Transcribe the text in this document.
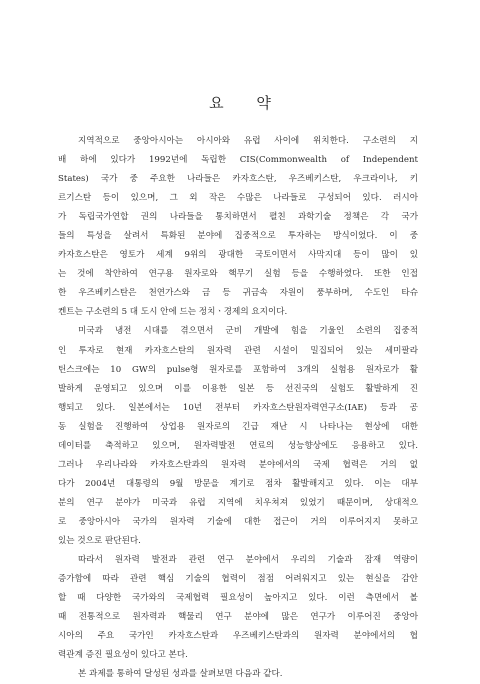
요 약
지역적으로 중앙아시아는 아시아와 유럽 사이에 위치한다. 구소련의 지
배 하에 있다가 1992년에 독립한 CIS(Commonwealth of Independent
States) 국가 중 주요한 나라들은 카자흐스탄, 우즈베키스탄, 우크라이나, 키
르기스탄 등이 있으며, 그 외 작은 수많은 나라들로 구성되어 있다. 러시아
가 독립국가연합 권의 나라들을 통치하면서 펼친 과학기술 정책은 각 국가
들의 특성을 살려서 특화된 분야에 집중적으로 투자하는 방식이었다. 이 중
카자흐스탄은 영토가 세계 9위의 광대한 국토이면서 사막지대 등이 많이 있
는 것에 착안하여 연구용 원자로와 핵무기 실험 등을 수행하였다. 또한 인접
한 우즈베키스탄은 천연가스와 금 등 귀금속 자원이 풍부하며, 수도인 타슈
켄트는 구소련의 5 대 도시 안에 드는 정치ㆍ경제의 요지이다.
미국과 냉전 시대를 겪으면서 군비 개발에 힘을 기울인 소련의 집중적
인 투자로 현재 카자흐스탄의 원자력 관련 시설이 밀집되어 있는 세미팔라
틴스크에는 10 GW의 pulse형 원자로를 포함하여 3개의 실험용 원자로가 활
발하게 운영되고 있으며 이를 이용한 일본 등 선진국의 실험도 활발하게 진
행되고 있다. 일본에서는 10년 전부터 카자흐스탄원자력연구소(IAE) 등과 공
동 실험을 진행하여 상업용 원자로의 긴급 재난 시 나타나는 현상에 대한
데이터를 축적하고 있으며, 원자력발전 연료의 성능향상에도 응용하고 있다.
그러나 우리나라와 카자흐스탄과의 원자력 분야에서의 국제 협력은 거의 없
다가 2004년 대통령의 9월 방문을 계기로 점차 활발해지고 있다. 이는 대부
분의 연구 분야가 미국과 유럽 지역에 치우쳐져 있었기 때문이며, 상대적으
로 중앙아시아 국가의 원자력 기술에 대한 접근이 거의 이루어지지 못하고
있는 것으로 판단된다.
따라서 원자력 발전과 관련 연구 분야에서 우리의 기술과 잠재 역량이
증가함에 따라 관련 핵심 기술의 협력이 점점 어려워지고 있는 현실을 감안
할 때 다양한 국가와의 국제협력 필요성이 높아지고 있다. 이런 측면에서 볼
때 전통적으로 원자력과 핵물리 연구 분야에 많은 연구가 이루어진 중앙아
시아의 주요 국가인 카자흐스탄과 우즈베키스탄과의 원자력 분야에서의 협
력관계 증진 필요성이 있다고 본다.
본 과제를 통하여 달성된 성과를 살펴보면 다음과 같다.
